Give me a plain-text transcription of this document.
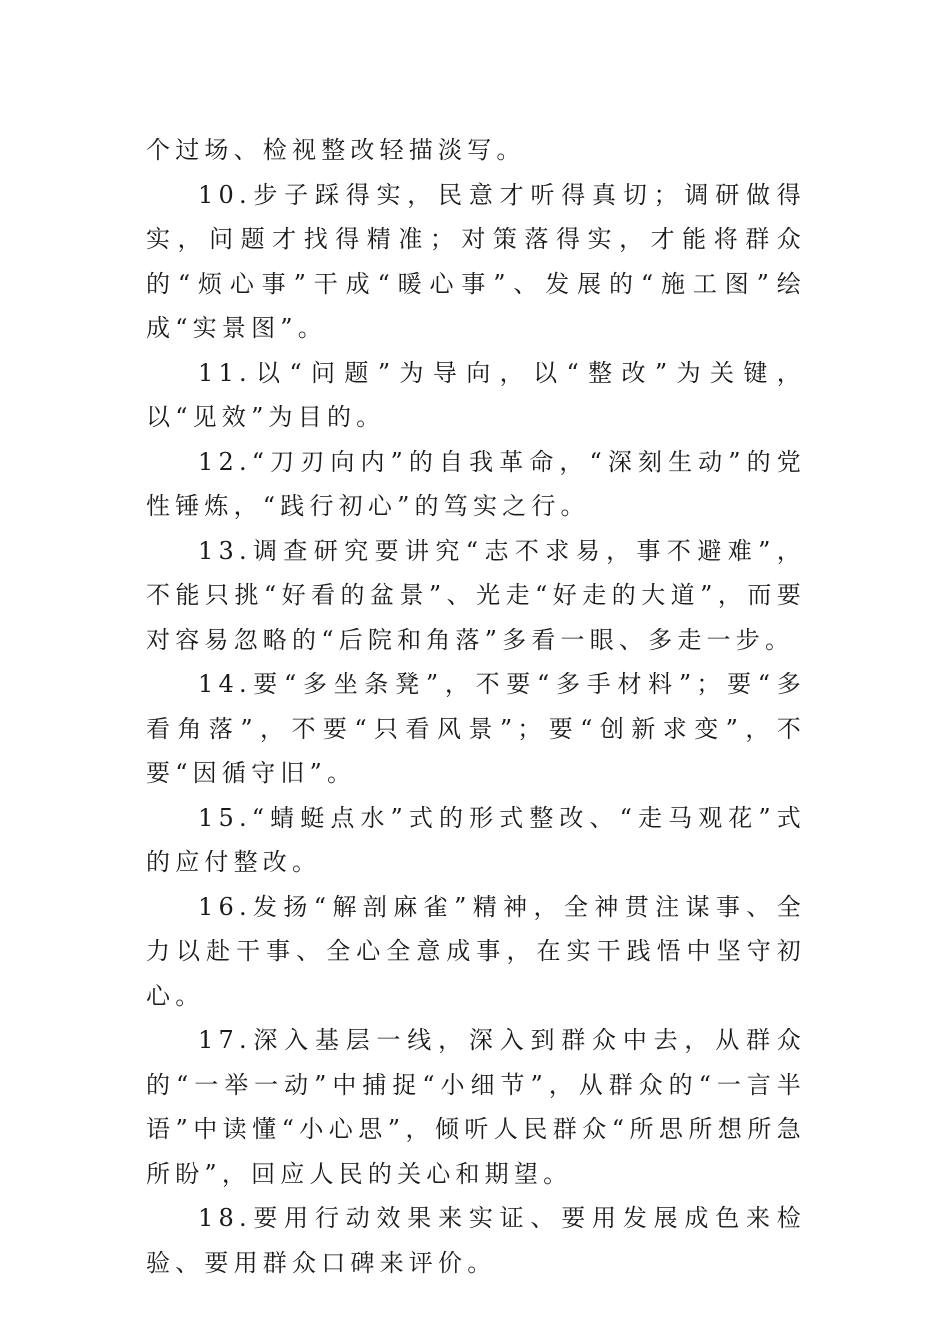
个过场、检视整改轻描淡写。

10.步子踩得实，民意才听得真切；调研做得实，问题才找得精准；对策落得实，才能将群众的“烦心事”干成“暖心事”、发展的“施工图”绘成“实景图”。

11.以“问题”为导向，以“整改”为关键，以“见效”为目的。

12.“刀刃向内”的自我革命，“深刻生动”的党性锤炼，“践行初心”的笃实之行。

13.调查研究要讲究“志不求易，事不避难”，不能只挑“好看的盆景”、光走“好走的大道”，而要对容易忽略的“后院和角落”多看一眼、多走一步。

14.要“多坐条凳”，不要“多手材料”；要“多看角落”，不要“只看风景”；要“创新求变”，不要“因循守旧”。

15.“蜻蜓点水”式的形式整改、“走马观花”式的应付整改。

16.发扬“解剖麻雀”精神，全神贯注谋事、全力以赴干事、全心全意成事，在实干践悟中坚守初心。

17.深入基层一线，深入到群众中去，从群众的“一举一动”中捕捉“小细节”，从群众的“一言半语”中读懂“小心思”，倾听人民群众“所思所想所急所盼”，回应人民的关心和期望。

18.要用行动效果来实证、要用发展成色来检验、要用群众口碑来评价。
